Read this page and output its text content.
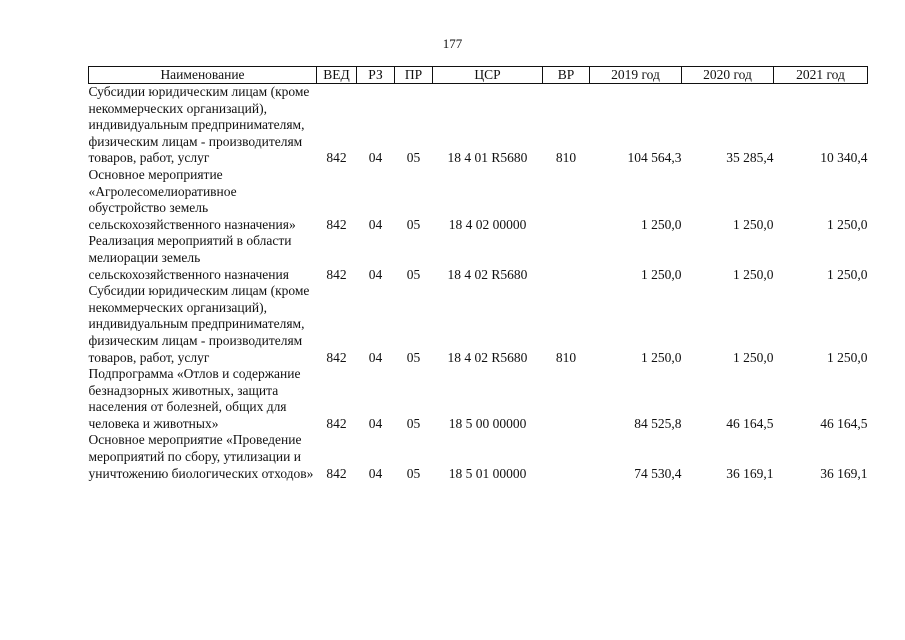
177
Наименование	ВЕД	РЗ	ПР	ЦСР	ВР	2019 год	2020 год	2021 год
Субсидии юридическим лицам (кроме некоммерческих организаций), индивидуальным предпринимателям, физическим лицам - производителям товаров, работ, услуг	842	04	05	18 4 01 R5680	810	104 564,3	35 285,4	10 340,4
Основное мероприятие «Агролесомелиоративное обустройство земель сельскохозяйственного назначения»	842	04	05	18 4 02 00000		1 250,0	1 250,0	1 250,0
Реализация мероприятий в области мелиорации земель сельскохозяйственного назначения	842	04	05	18 4 02 R5680		1 250,0	1 250,0	1 250,0
Субсидии юридическим лицам (кроме некоммерческих организаций), индивидуальным предпринимателям, физическим лицам - производителям товаров, работ, услуг	842	04	05	18 4 02 R5680	810	1 250,0	1 250,0	1 250,0
Подпрограмма «Отлов и содержание безнадзорных животных, защита населения от болезней, общих для человека и животных»	842	04	05	18 5 00 00000		84 525,8	46 164,5	46 164,5
Основное мероприятие «Проведение мероприятий по сбору, утилизации и уничтожению биологических отходов»	842	04	05	18 5 01 00000		74 530,4	36 169,1	36 169,1
